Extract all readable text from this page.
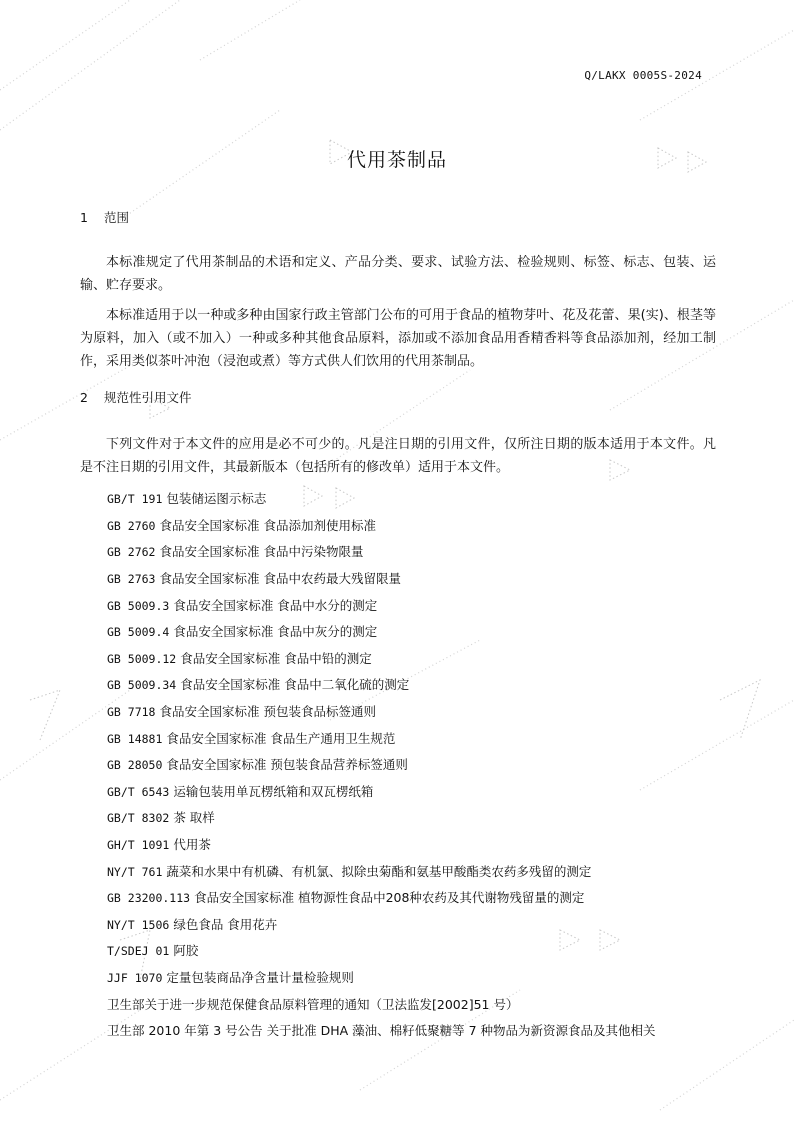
Q/LAKX 0005S-2024
代用茶制品
1 范围
本标准规定了代用茶制品的术语和定义、产品分类、要求、试验方法、检验规则、标签、标志、包装、运输、贮存要求。
本标准适用于以一种或多种由国家行政主管部门公布的可用于食品的植物芽叶、花及花蕾、果(实)、根茎等为原料，加入（或不加入）一种或多种其他食品原料，添加或不添加食品用香精香料等食品添加剂，经加工制作，采用类似茶叶冲泡（浸泡或煮）等方式供人们饮用的代用茶制品。
2 规范性引用文件
下列文件对于本文件的应用是必不可少的。凡是注日期的引用文件，仅所注日期的版本适用于本文件。凡是不注日期的引用文件，其最新版本（包括所有的修改单）适用于本文件。
GB/T 191 包装储运图示标志
GB 2760 食品安全国家标准 食品添加剂使用标准
GB 2762 食品安全国家标准 食品中污染物限量
GB 2763 食品安全国家标准 食品中农药最大残留限量
GB 5009.3 食品安全国家标准 食品中水分的测定
GB 5009.4 食品安全国家标准 食品中灰分的测定
GB 5009.12 食品安全国家标准 食品中铅的测定
GB 5009.34 食品安全国家标准 食品中二氧化硫的测定
GB 7718 食品安全国家标准 预包装食品标签通则
GB 14881 食品安全国家标准 食品生产通用卫生规范
GB 28050 食品安全国家标准 预包装食品营养标签通则
GB/T 6543 运输包装用单瓦楞纸箱和双瓦楞纸箱
GB/T 8302 茶 取样
GH/T 1091 代用茶
NY/T 761 蔬菜和水果中有机磷、有机氯、拟除虫菊酯和氨基甲酸酯类农药多残留的测定
GB 23200.113 食品安全国家标准 植物源性食品中208种农药及其代谢物残留量的测定
NY/T 1506 绿色食品 食用花卉
T/SDEJ 01 阿胶
JJF 1070 定量包装商品净含量计量检验规则
卫生部关于进一步规范保健食品原料管理的通知（卫法监发[2002]51 号）
卫生部 2010 年第 3 号公告 关于批准 DHA 藻油、棉籽低聚糖等 7 种物品为新资源食品及其他相关
